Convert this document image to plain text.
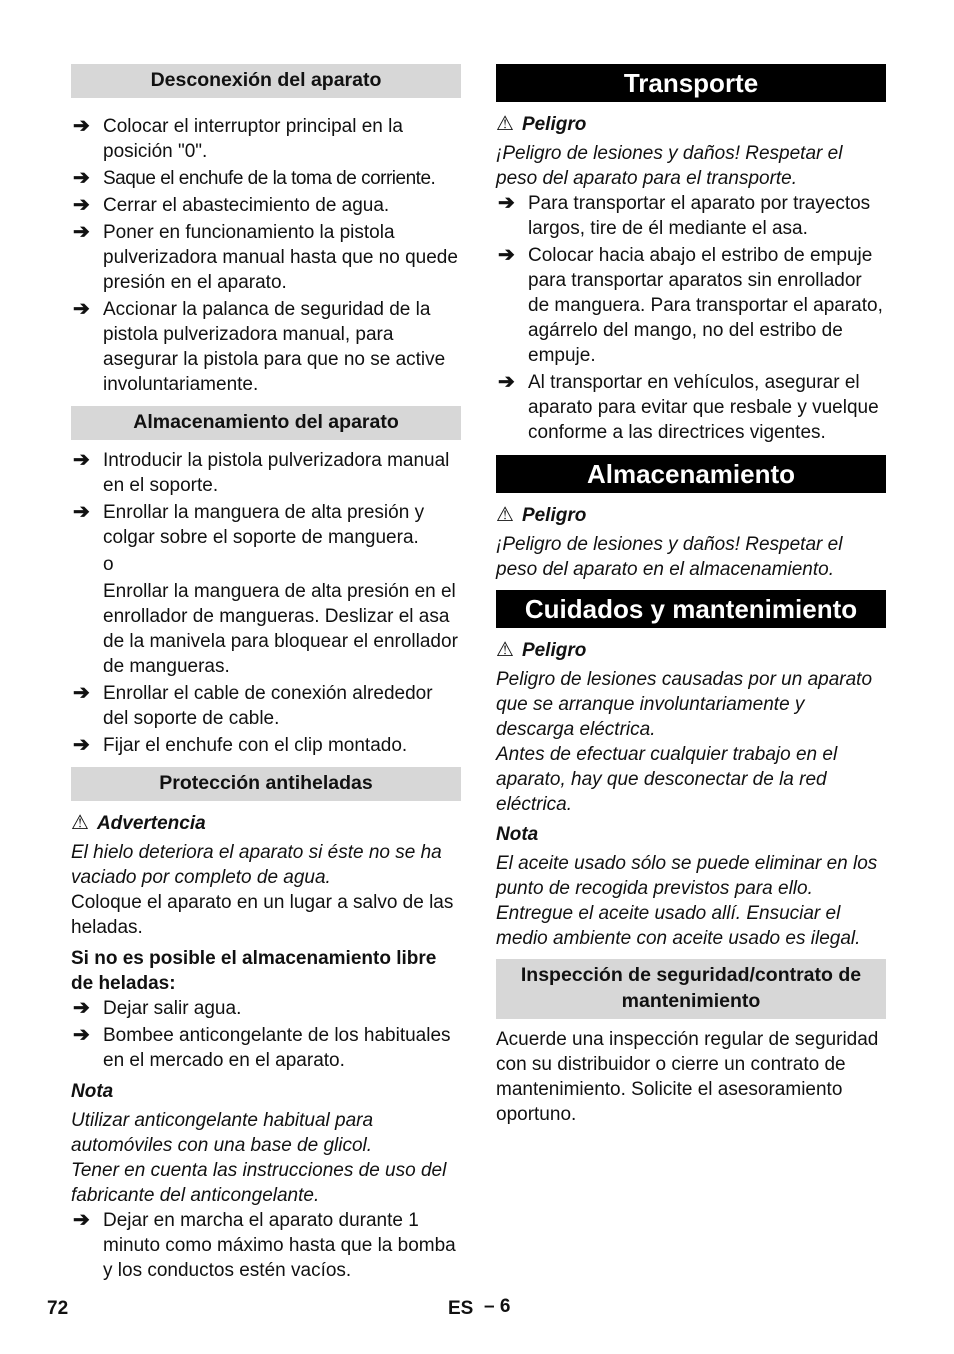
Desconexión del aparato
➔ Colocar el interruptor principal en la posición "0".
➔ Saque el enchufe de la toma de corriente.
➔ Cerrar el abastecimiento de agua.
➔ Poner en funcionamiento la pistola pulverizadora manual hasta que no quede presión en el aparato.
➔ Accionar la palanca de seguridad de la pistola pulverizadora manual, para asegurar la pistola para que no se active involuntariamente.
Almacenamiento del aparato
➔ Introducir la pistola pulverizadora manual en el soporte.
➔ Enrollar la manguera de alta presión y colgar sobre el soporte de manguera.
o
Enrollar la manguera de alta presión en el enrollador de mangueras. Deslizar el asa de la manivela para bloquear el enrollador de mangueras.
➔ Enrollar el cable de conexión alrededor del soporte de cable.
➔ Fijar el enchufe con el clip montado.
Protección antiheladas
⚠ Advertencia
El hielo deteriora el aparato si éste no se ha vaciado por completo de agua.
Coloque el aparato en un lugar a salvo de las heladas.
Si no es posible el almacenamiento libre de heladas:
➔ Dejar salir agua.
➔ Bombee anticongelante de los habituales en el mercado en el aparato.
Nota
Utilizar anticongelante habitual para automóviles con una base de glicol.
Tener en cuenta las instrucciones de uso del fabricante del anticongelante.
➔ Dejar en marcha el aparato durante 1 minuto como máximo hasta que la bomba y los conductos estén vacíos.
Transporte
⚠ Peligro
¡Peligro de lesiones y daños! Respetar el peso del aparato para el transporte.
➔ Para transportar el aparato por trayectos largos, tire de él mediante el asa.
➔ Colocar hacia abajo el estribo de empuje para transportar aparatos sin enrollador de manguera. Para transportar el aparato, agárrelo del mango, no del estribo de empuje.
➔ Al transportar en vehículos, asegurar el aparato para evitar que resbale y vuelque conforme a las directrices vigentes.
Almacenamiento
⚠ Peligro
¡Peligro de lesiones y daños! Respetar el peso del aparato en el almacenamiento.
Cuidados y mantenimiento
⚠ Peligro
Peligro de lesiones causadas por un aparato que se arranque involuntariamente y descarga eléctrica.
Antes de efectuar cualquier trabajo en el aparato, hay que desconectar de la red eléctrica.
Nota
El aceite usado sólo se puede eliminar en los punto de recogida previstos para ello. Entregue el aceite usado allí. Ensuciar el medio ambiente con aceite usado es ilegal.
Inspección de seguridad/contrato de mantenimiento
Acuerde una inspección regular de seguridad con su distribuidor o cierre un contrato de mantenimiento. Solicite el asesoramiento oportuno.
72	ES – 6
